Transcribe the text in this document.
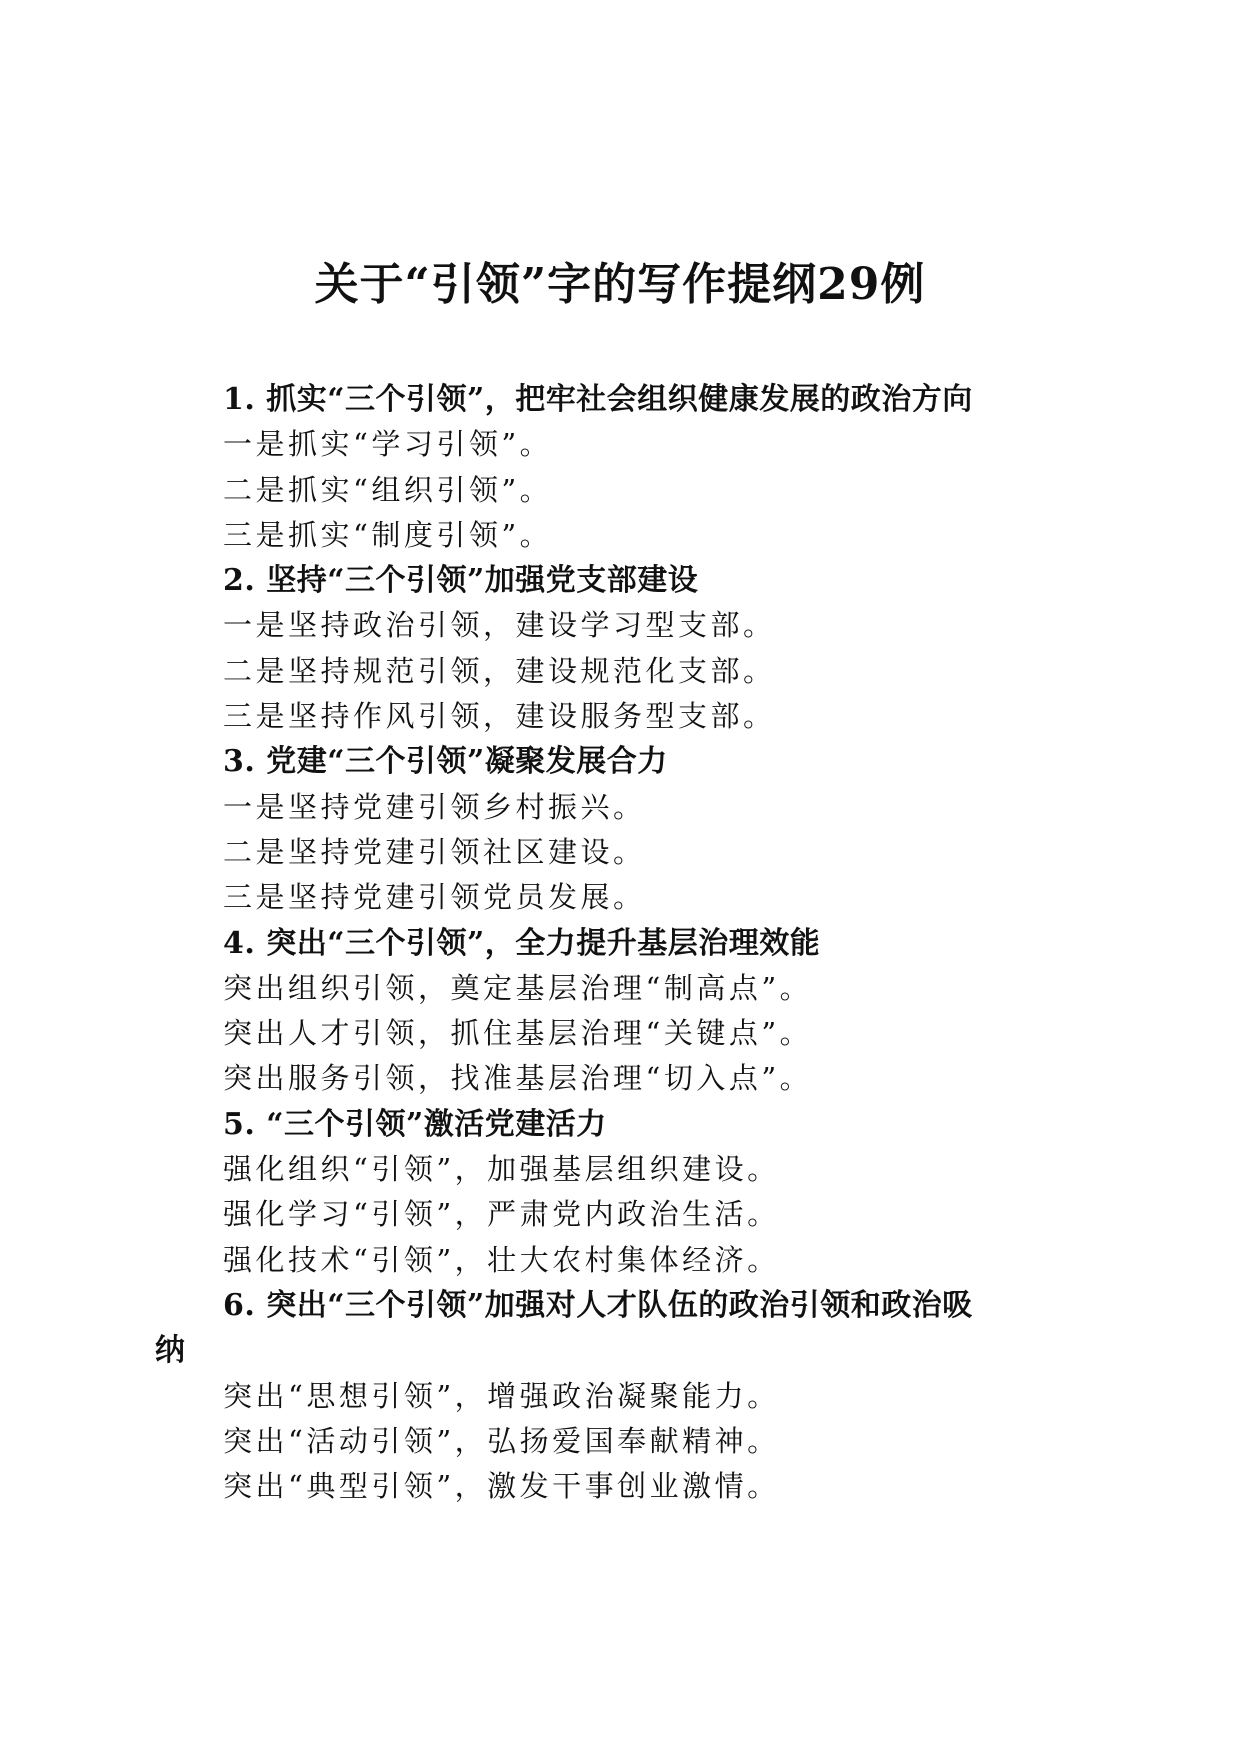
关于“引领”字的写作提纲29例
1. 抓实“三个引领”，把牢社会组织健康发展的政治方向
一是抓实“学习引领”。
二是抓实“组织引领”。
三是抓实“制度引领”。
2. 坚持“三个引领”加强党支部建设
一是坚持政治引领，建设学习型支部。
二是坚持规范引领，建设规范化支部。
三是坚持作风引领，建设服务型支部。
3. 党建“三个引领”凝聚发展合力
一是坚持党建引领乡村振兴。
二是坚持党建引领社区建设。
三是坚持党建引领党员发展。
4. 突出“三个引领”，全力提升基层治理效能
突出组织引领，奠定基层治理“制高点”。
突出人才引领，抓住基层治理“关键点”。
突出服务引领，找准基层治理“切入点”。
5. “三个引领”激活党建活力
强化组织“引领”，加强基层组织建设。
强化学习“引领”，严肃党内政治生活。
强化技术“引领”，壮大农村集体经济。
6. 突出“三个引领”加强对人才队伍的政治引领和政治吸
纳
突出“思想引领”，增强政治凝聚能力。
突出“活动引领”，弘扬爱国奉献精神。
突出“典型引领”，激发干事创业激情。
